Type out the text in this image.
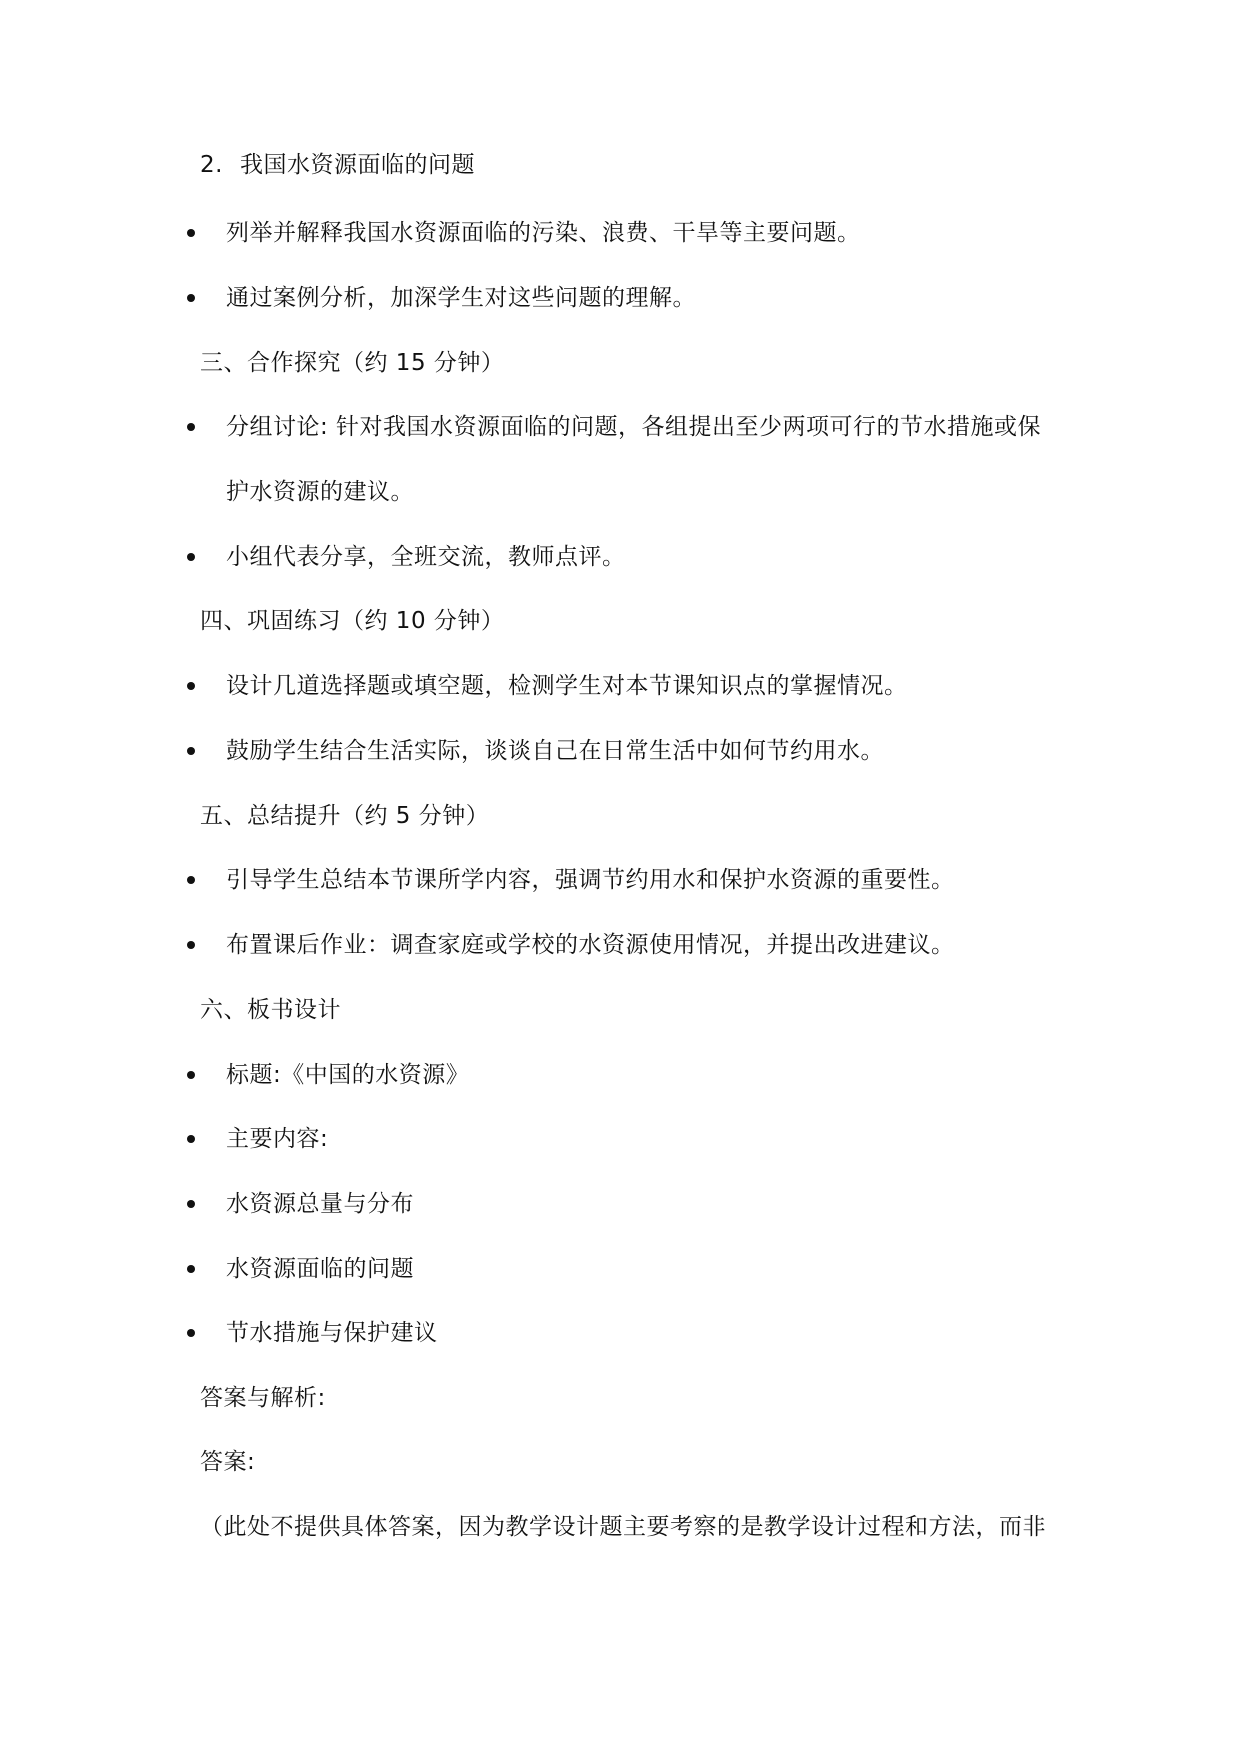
2. 我国水资源面临的问题
列举并解释我国水资源面临的污染、浪费、干旱等主要问题。
通过案例分析，加深学生对这些问题的理解。
三、合作探究（约 15 分钟）
分组讨论: 针对我国水资源面临的问题，各组提出至少两项可行的节水措施或保
护水资源的建议。
小组代表分享，全班交流，教师点评。
四、巩固练习（约 10 分钟）
设计几道选择题或填空题，检测学生对本节课知识点的掌握情况。
鼓励学生结合生活实际，谈谈自己在日常生活中如何节约用水。
五、总结提升（约 5 分钟）
引导学生总结本节课所学内容，强调节约用水和保护水资源的重要性。
布置课后作业：调查家庭或学校的水资源使用情况，并提出改进建议。
六、板书设计
标题:《中国的水资源》
主要内容:
水资源总量与分布
水资源面临的问题
节水措施与保护建议
答案与解析:
答案:
（此处不提供具体答案，因为教学设计题主要考察的是教学设计过程和方法，而非
